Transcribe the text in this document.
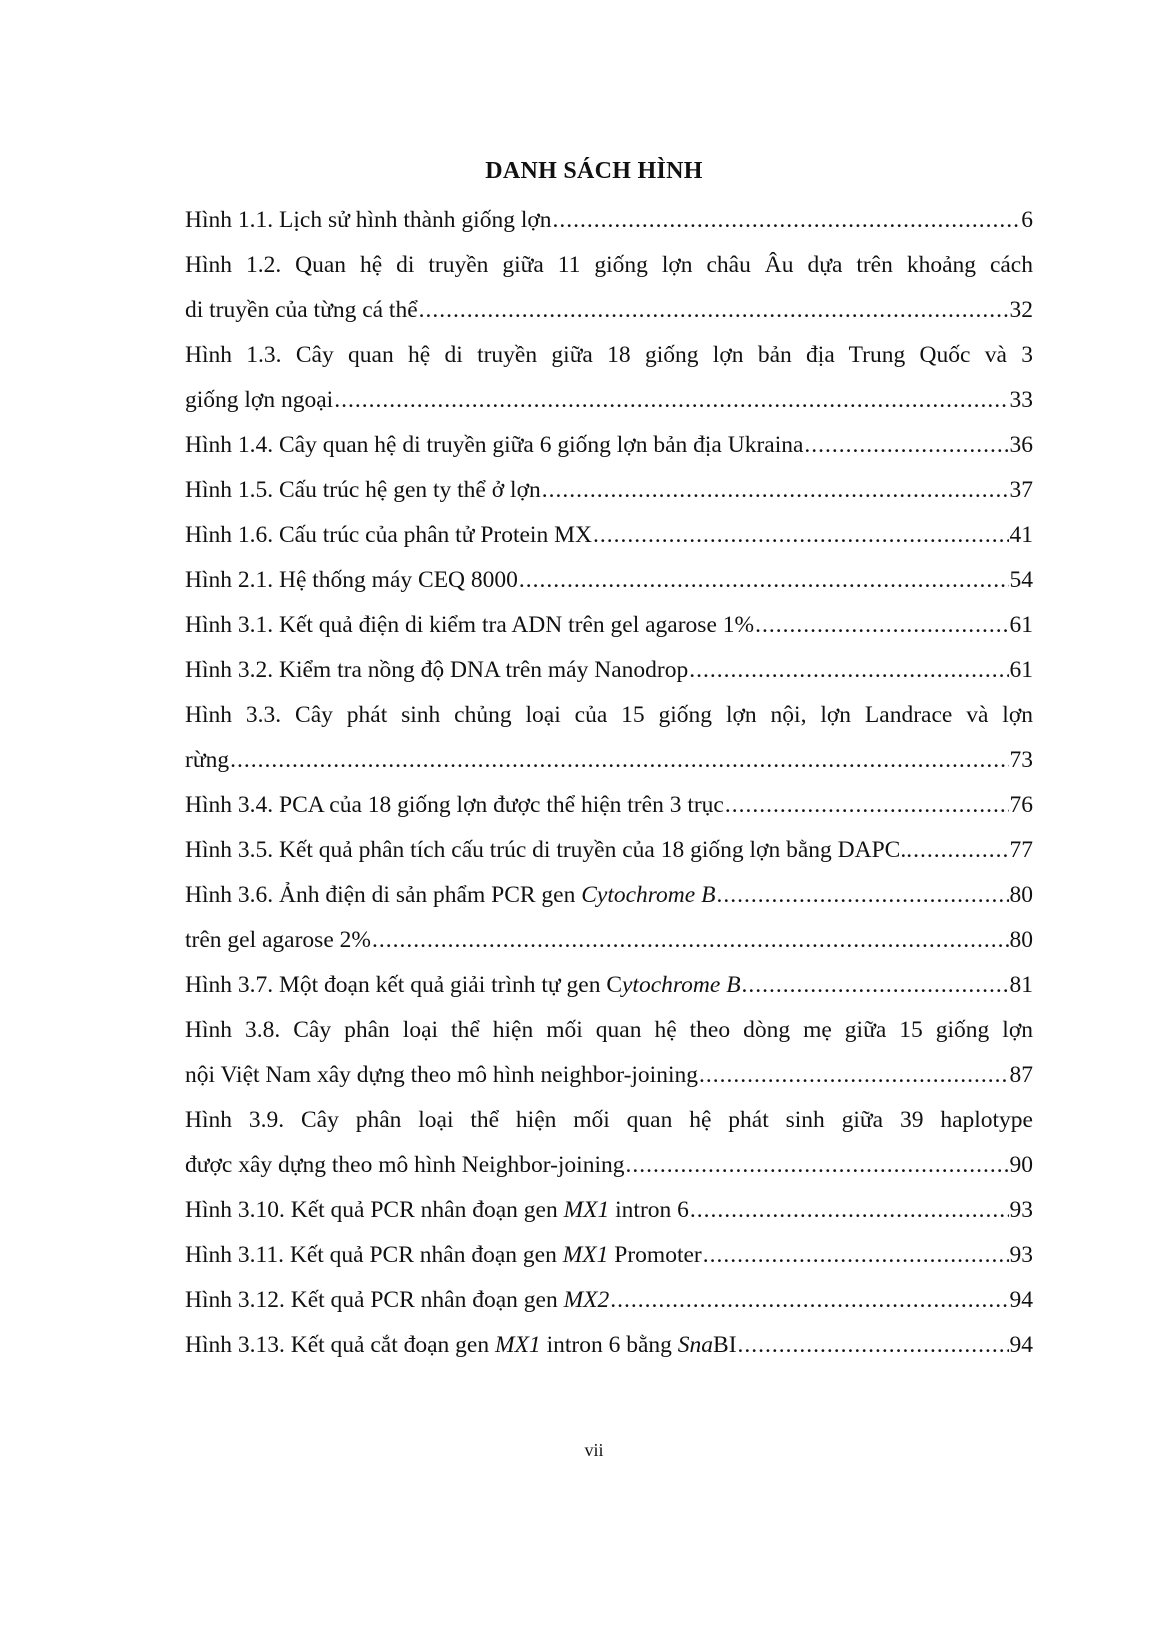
DANH SÁCH HÌNH
Hình 1.1. Lịch sử hình thành giống lợn .....	6
Hình 1.2. Quan hệ di truyền giữa 11 giống lợn châu Âu dựa trên khoảng cách
di truyền của từng cá thể .....	32
Hình 1.3. Cây quan hệ di truyền giữa 18 giống lợn bản địa Trung Quốc và 3
giống lợn ngoại .....	33
Hình 1.4. Cây quan hệ di truyền giữa 6 giống lợn bản địa Ukraina .....	36
Hình 1.5. Cấu trúc hệ gen ty thể ở lợn .....	37
Hình 1.6. Cấu trúc của phân tử Protein MX .....	41
Hình 2.1. Hệ thống máy CEQ 8000 .....	54
Hình 3.1. Kết quả điện di kiểm tra ADN trên gel agarose 1% .....	61
Hình 3.2. Kiểm tra nồng độ DNA trên máy Nanodrop .....	61
Hình 3.3. Cây phát sinh chủng loại của 15 giống lợn nội, lợn Landrace và lợn
rừng .....	73
Hình 3.4. PCA của 18 giống lợn được thể hiện trên 3 trục .....	76
Hình 3.5. Kết quả phân tích cấu trúc di truyền của 18 giống lợn bằng DAPC.. .....	77
Hình 3.6. Ảnh điện di sản phẩm PCR gen Cytochrome B .....	80
trên gel agarose 2% .....	80
Hình 3.7. Một đoạn kết quả giải trình tự gen Cytochrome B .....	81
Hình 3.8. Cây phân loại thể hiện mối quan hệ theo dòng mẹ giữa 15 giống lợn
nội Việt Nam xây dựng theo mô hình neighbor-joining .....	87
Hình 3.9. Cây phân loại thể hiện mối quan hệ phát sinh giữa 39 haplotype
được xây dựng theo mô hình Neighbor-joining .....	90
Hình 3.10. Kết quả PCR nhân đoạn gen MX1 intron 6 .....	93
Hình 3.11. Kết quả PCR nhân đoạn gen MX1 Promoter .....	93
Hình 3.12. Kết quả PCR nhân đoạn gen MX2 .....	94
Hình 3.13. Kết quả cắt đoạn gen MX1 intron 6 bằng SnaBI .....	94
vii
